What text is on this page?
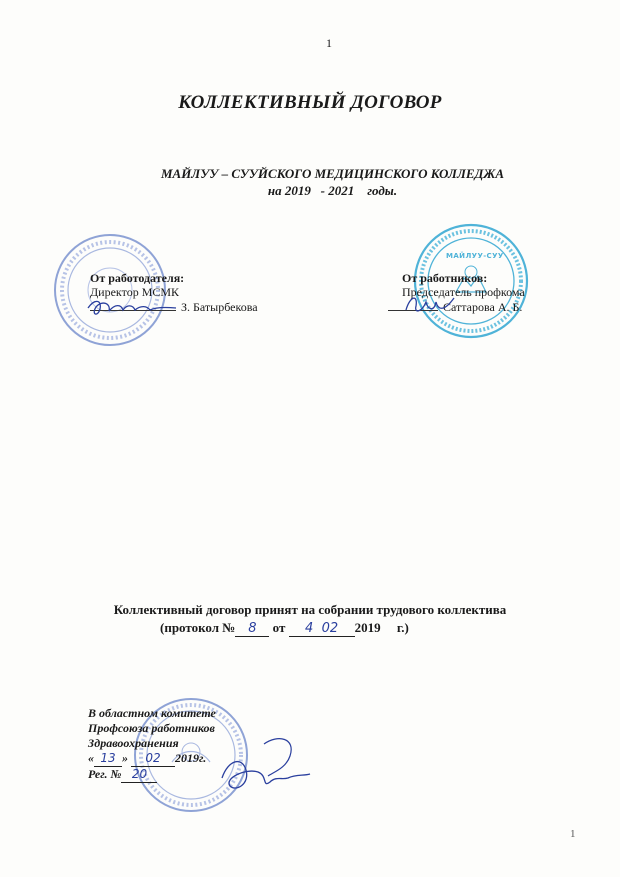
1
КОЛЛЕКТИВНЫЙ ДОГОВОР
МАЙЛУУ – СУУЙСКОГО МЕДИЦИНСКОГО КОЛЛЕДЖА
на 2019   - 2021    годы.
МАЙЛУУ-СУУ
От работодателя:
Директор МСМК
З. Батырбекова
От работников:
Председатель профкома
Саттарова А. Б.
Коллективный договор принят на собрании трудового коллектива
(протокол № 8 от 4  02 2019 г.)
В областном комитете
Профсоюза работников
Здравоохранения
« 13 » 02 2019г.
Рег. № 20
1
